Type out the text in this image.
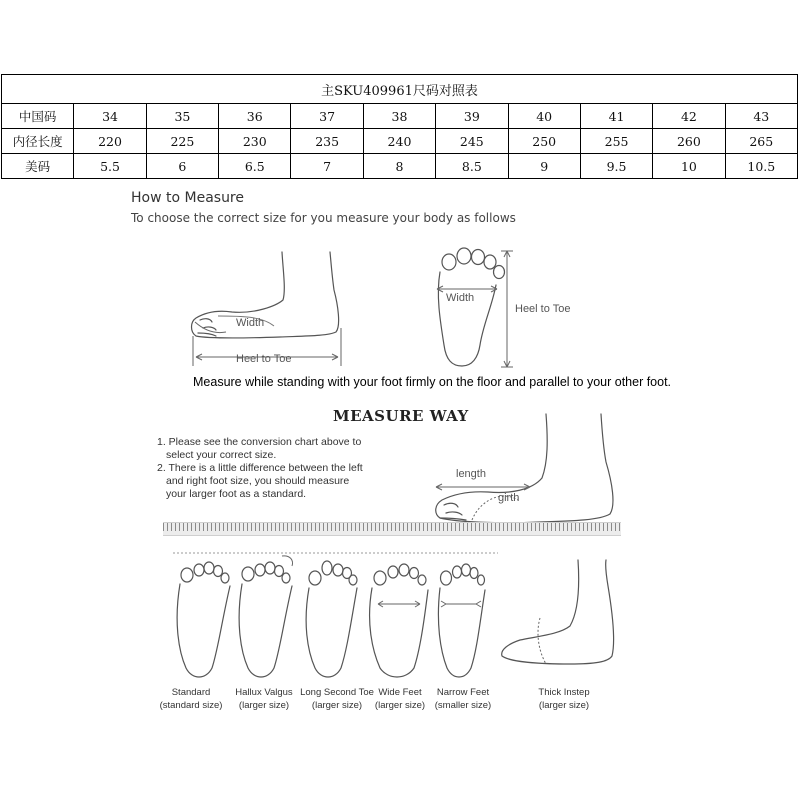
主SKU409961尺码对照表										
中国码	34	35	36	37	38	39	40	41	42	43
内径长度	220	225	230	235	240	245	250	255	260	265
美码	5.5	6	6.5	7	8	8.5	9	9.5	10	10.5
How to Measure
To choose the correct size for you measure your body as follows
Width
Heel to Toe
Width
Heel to Toe
length
girth
Measure while standing with your foot firmly on the floor and parallel to your other foot.
MEASURE WAY
1. Please see the conversion chart above to
select your correct size.
2. There is a little difference between the left
and right foot size, you should measure
your larger foot as a standard.
Standard
(standard size)
Hallux Valgus
(larger size)
Long Second Toe
(larger size)
Wide Feet
(larger size)
Narrow Feet
(smaller size)
Thick Instep
(larger size)
